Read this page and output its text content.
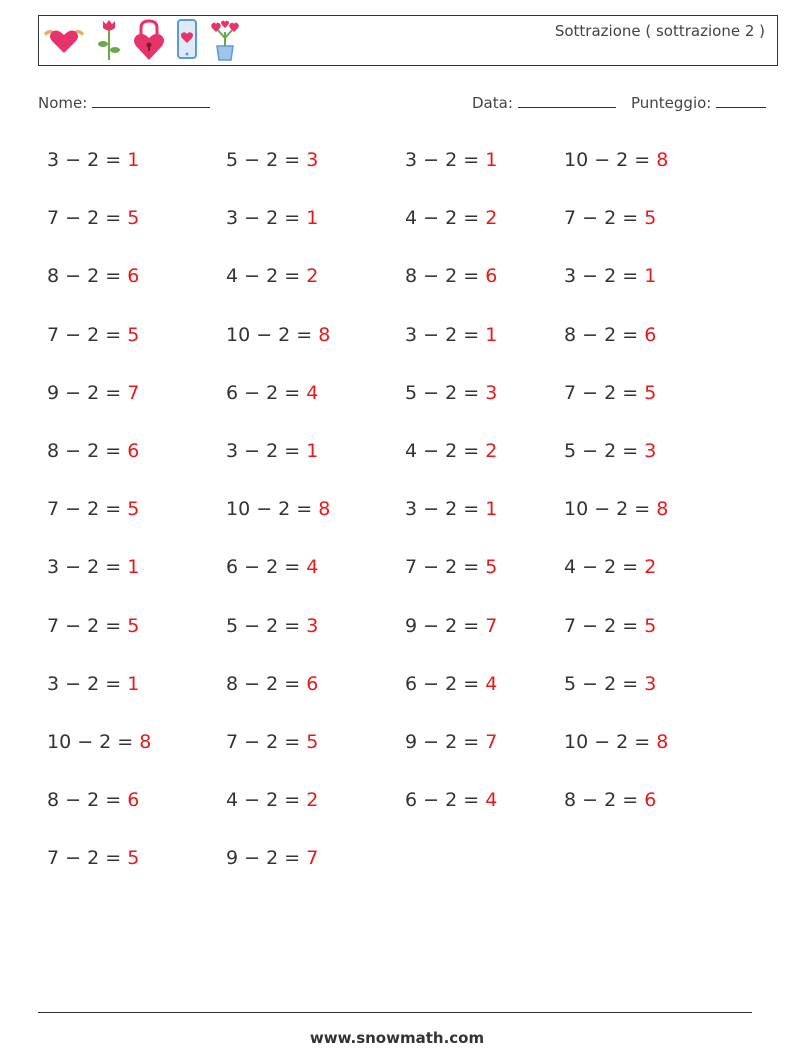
Sottrazione ( sottrazione 2 )
Nome:	Data:	Punteggio:
3 − 2 = 1	5 − 2 = 3	3 − 2 = 1	10 − 2 = 8
7 − 2 = 5	3 − 2 = 1	4 − 2 = 2	7 − 2 = 5
8 − 2 = 6	4 − 2 = 2	8 − 2 = 6	3 − 2 = 1
7 − 2 = 5	10 − 2 = 8	3 − 2 = 1	8 − 2 = 6
9 − 2 = 7	6 − 2 = 4	5 − 2 = 3	7 − 2 = 5
8 − 2 = 6	3 − 2 = 1	4 − 2 = 2	5 − 2 = 3
7 − 2 = 5	10 − 2 = 8	3 − 2 = 1	10 − 2 = 8
3 − 2 = 1	6 − 2 = 4	7 − 2 = 5	4 − 2 = 2
7 − 2 = 5	5 − 2 = 3	9 − 2 = 7	7 − 2 = 5
3 − 2 = 1	8 − 2 = 6	6 − 2 = 4	5 − 2 = 3
10 − 2 = 8	7 − 2 = 5	9 − 2 = 7	10 − 2 = 8
8 − 2 = 6	4 − 2 = 2	6 − 2 = 4	8 − 2 = 6
7 − 2 = 5	9 − 2 = 7
www.snowmath.com
